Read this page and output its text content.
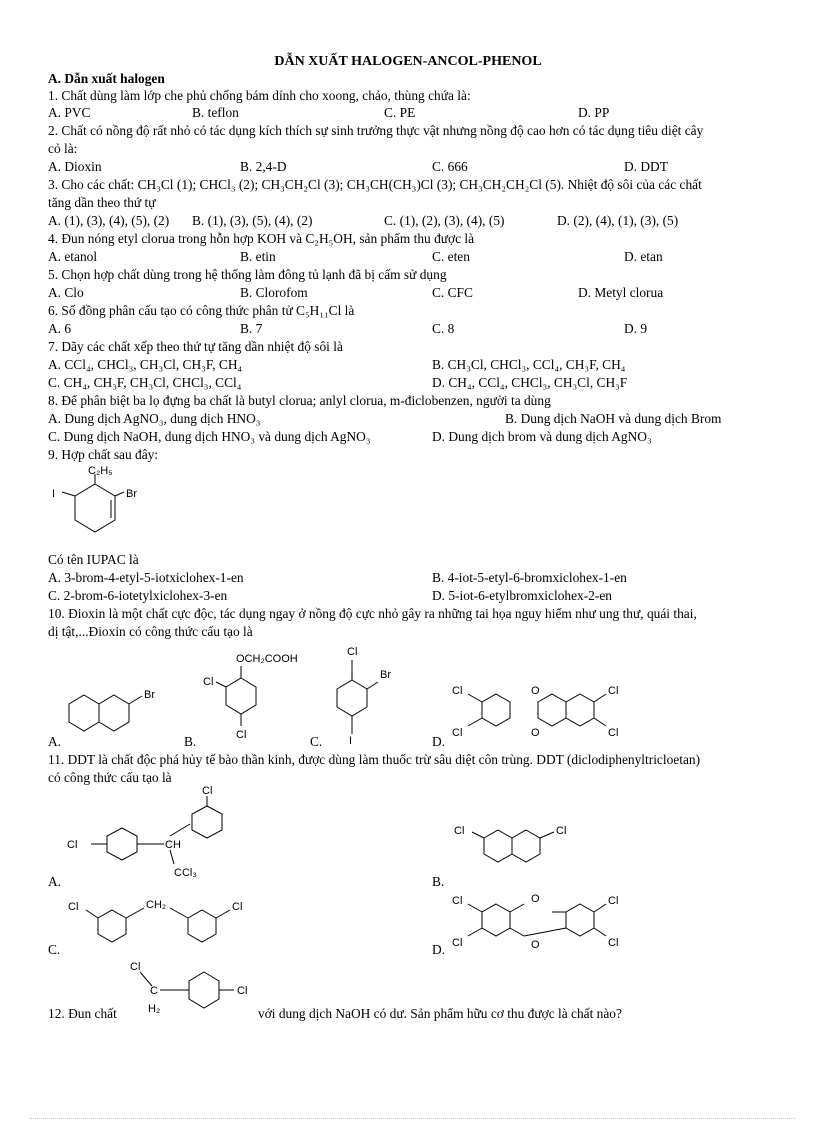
DẪN XUẤT HALOGEN-ANCOL-PHENOL
A. Dẫn xuất halogen
1. Chất dùng làm lớp che phủ chống bám dính cho xoong, chảo, thùng chứa là:
A. PVC	B. teflon	C. PE	D. PP
2. Chất có nồng độ rất nhỏ có tác dụng kích thích sự sinh trưởng thực vật nhưng nồng độ cao hơn có tác dụng tiêu diệt cây
cỏ là:
A. Dioxin	B. 2,4-D	C. 666	D. DDT
3. Cho các chất: CH₃Cl (1); CHCl₃ (2); CH₃CH₂Cl (3); CH₃CH(CH₃)Cl (3); CH₃CH₂CH₂Cl (5). Nhiệt độ sôi của các chất
tăng dần theo thứ tự
A. (1), (3), (4), (5), (2) B. (1), (3), (5), (4), (2)	C. (1), (2), (3), (4), (5)	D. (2), (4), (1), (3), (5)
4. Đun nóng etyl clorua trong hỗn hợp KOH và C₂H₅OH, sản phẩm thu được là
A. etanol	B. etin	C. eten	D. etan
5. Chọn hợp chất dùng trong hệ thống làm đông tủ lạnh đã bị cấm sử dụng
A. Clo	B. Clorofom	C. CFC	D. Metyl clorua
6. Số đồng phân cấu tạo có công thức phân tử C₅H₁₁Cl là
A. 6	B. 7	C. 8	D. 9
7. Dãy các chất xếp theo thứ tự tăng dần nhiệt độ sôi là
A. CCl₄, CHCl₃, CH₃Cl, CH₃F, CH₄	B. CH₃Cl, CHCl₃, CCl₄, CH₃F, CH₄
C. CH₄, CH₃F, CH₃Cl, CHCl₃, CCl₄	D. CH₄, CCl₄, CHCl₃, CH₃Cl, CH₃F
8. Để phân biệt ba lọ đựng ba chất là butyl clorua; anlyl clorua, m-điclobenzen, người ta dùng
A. Dung dịch AgNO₃, dung dịch HNO₃	B. Dung dịch NaOH và dung dịch Brom
C. Dung dịch NaOH, dung dịch HNO₃ và dung dịch AgNO₃	D. Dung dịch brom và dung dịch AgNO₃
9. Hợp chất sau đây:
C₂H₅
Br
I
Có tên IUPAC là
A. 3-brom-4-etyl-5-iotxiclohex-1-en	B. 4-iot-5-etyl-6-bromxiclohex-1-en
C. 2-brom-6-iotetylxiclohex-3-en	D. 5-iot-6-etylbromxiclohex-2-en
10. Đioxin là một chất cực độc, tác dụng ngay ở nồng độ cực nhỏ gây ra những tai họa nguy hiểm như ung thư, quái thai,
dị tật,...Đioxin có công thức cấu tạo là
A.
Br
B.
OCH₂COOH
Cl
Cl	C.
Cl
Br
I	D.
O
O
Cl
Cl
Cl
Cl
11. DDT là chất độc phá hủy tế bào thần kinh, được dùng làm thuốc trừ sâu diệt côn trùng. DDT (diclodiphenyltricloetan)
có công thức cấu tạo là
A.
Cl	CH
CCl₃
Cl
B.
Cl	Cl
C.
Cl	CH₂	Cl
D.
O
O
Cl
Cl
Cl
Cl
12. Đun chất
Cl
C
H₂
Cl
với dung dịch NaOH có dư. Sản phẩm hữu cơ thu được là chất nào?
